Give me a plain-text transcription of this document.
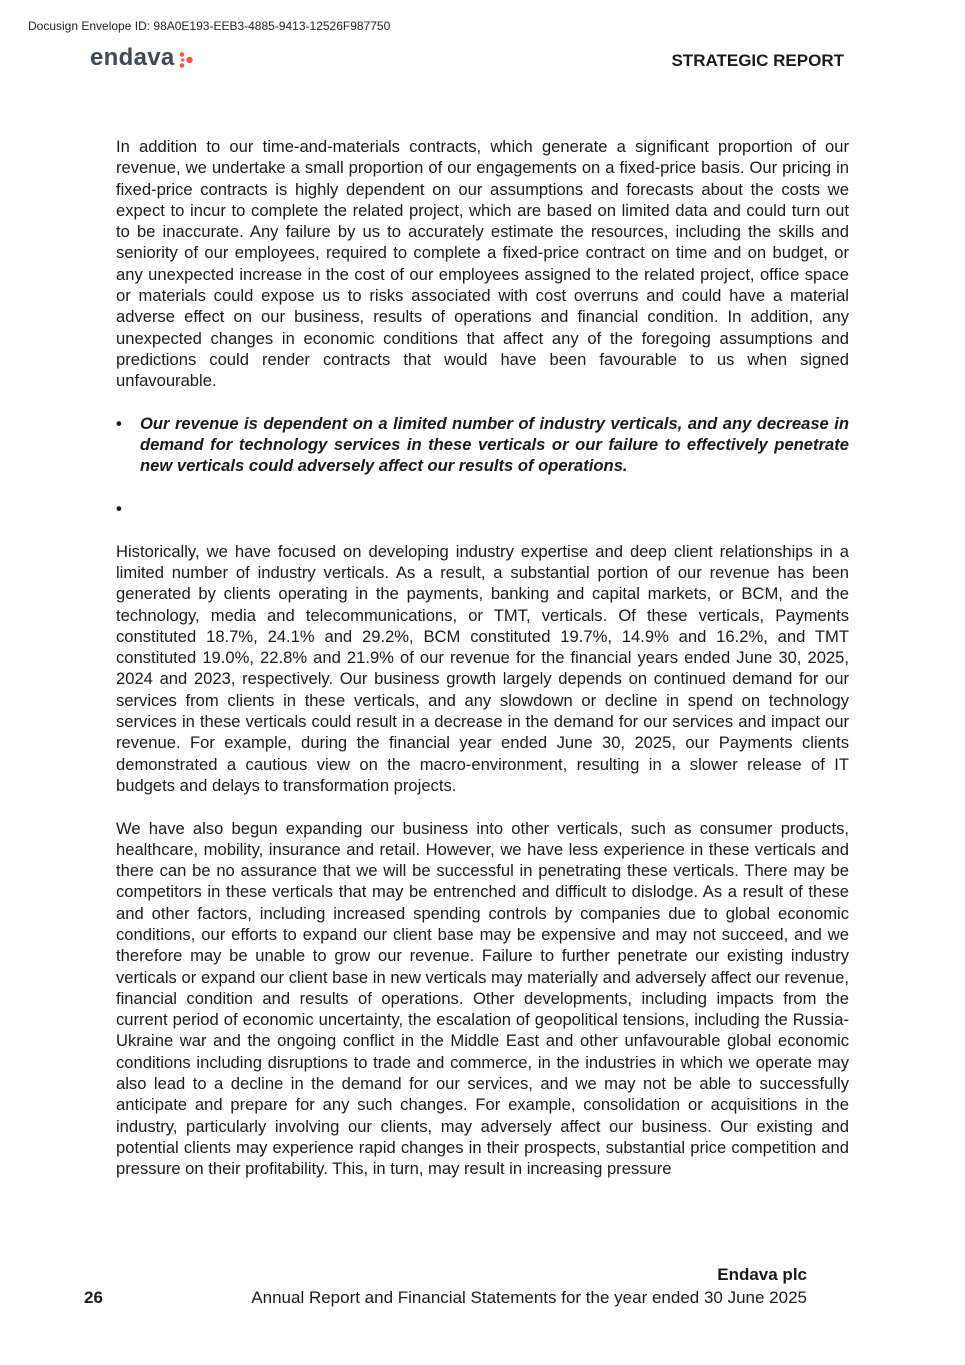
Docusign Envelope ID: 98A0E193-EEB3-4885-9413-12526F987750
endava	STRATEGIC REPORT

In addition to our time-and-materials contracts, which generate a significant proportion of our revenue, we undertake a small proportion of our engagements on a fixed-price basis. Our pricing in fixed-price contracts is highly dependent on our assumptions and forecasts about the costs we expect to incur to complete the related project, which are based on limited data and could turn out to be inaccurate. Any failure by us to accurately estimate the resources, including the skills and seniority of our employees, required to complete a fixed-price contract on time and on budget, or any unexpected increase in the cost of our employees assigned to the related project, office space or materials could expose us to risks associated with cost overruns and could have a material adverse effect on our business, results of operations and financial condition. In addition, any unexpected changes in economic conditions that affect any of the foregoing assumptions and predictions could render contracts that would have been favourable to us when signed unfavourable.

•	Our revenue is dependent on a limited number of industry verticals, and any decrease in demand for technology services in these verticals or our failure to effectively penetrate new verticals could adversely affect our results of operations.
•

Historically, we have focused on developing industry expertise and deep client relationships in a limited number of industry verticals. As a result, a substantial portion of our revenue has been generated by clients operating in the payments, banking and capital markets, or BCM, and the technology, media and telecommunications, or TMT, verticals. Of these verticals, Payments constituted 18.7%, 24.1% and 29.2%, BCM constituted 19.7%, 14.9% and 16.2%, and TMT constituted 19.0%, 22.8% and 21.9% of our revenue for the financial years ended June 30, 2025, 2024 and 2023, respectively. Our business growth largely depends on continued demand for our services from clients in these verticals, and any slowdown or decline in spend on technology services in these verticals could result in a decrease in the demand for our services and impact our revenue. For example, during the financial year ended June 30, 2025, our Payments clients demonstrated a cautious view on the macro-environment, resulting in a slower release of IT budgets and delays to transformation projects.

We have also begun expanding our business into other verticals, such as consumer products, healthcare, mobility, insurance and retail. However, we have less experience in these verticals and there can be no assurance that we will be successful in penetrating these verticals. There may be competitors in these verticals that may be entrenched and difficult to dislodge. As a result of these and other factors, including increased spending controls by companies due to global economic conditions, our efforts to expand our client base may be expensive and may not succeed, and we therefore may be unable to grow our revenue. Failure to further penetrate our existing industry verticals or expand our client base in new verticals may materially and adversely affect our revenue, financial condition and results of operations. Other developments, including impacts from the current period of economic uncertainty, the escalation of geopolitical tensions, including the Russia-Ukraine war and the ongoing conflict in the Middle East and other unfavourable global economic conditions including disruptions to trade and commerce, in the industries in which we operate may also lead to a decline in the demand for our services, and we may not be able to successfully anticipate and prepare for any such changes. For example, consolidation or acquisitions in the industry, particularly involving our clients, may adversely affect our business. Our existing and potential clients may experience rapid changes in their prospects, substantial price competition and pressure on their profitability. This, in turn, may result in increasing pressure

Endava plc
26	Annual Report and Financial Statements for the year ended 30 June 2025
